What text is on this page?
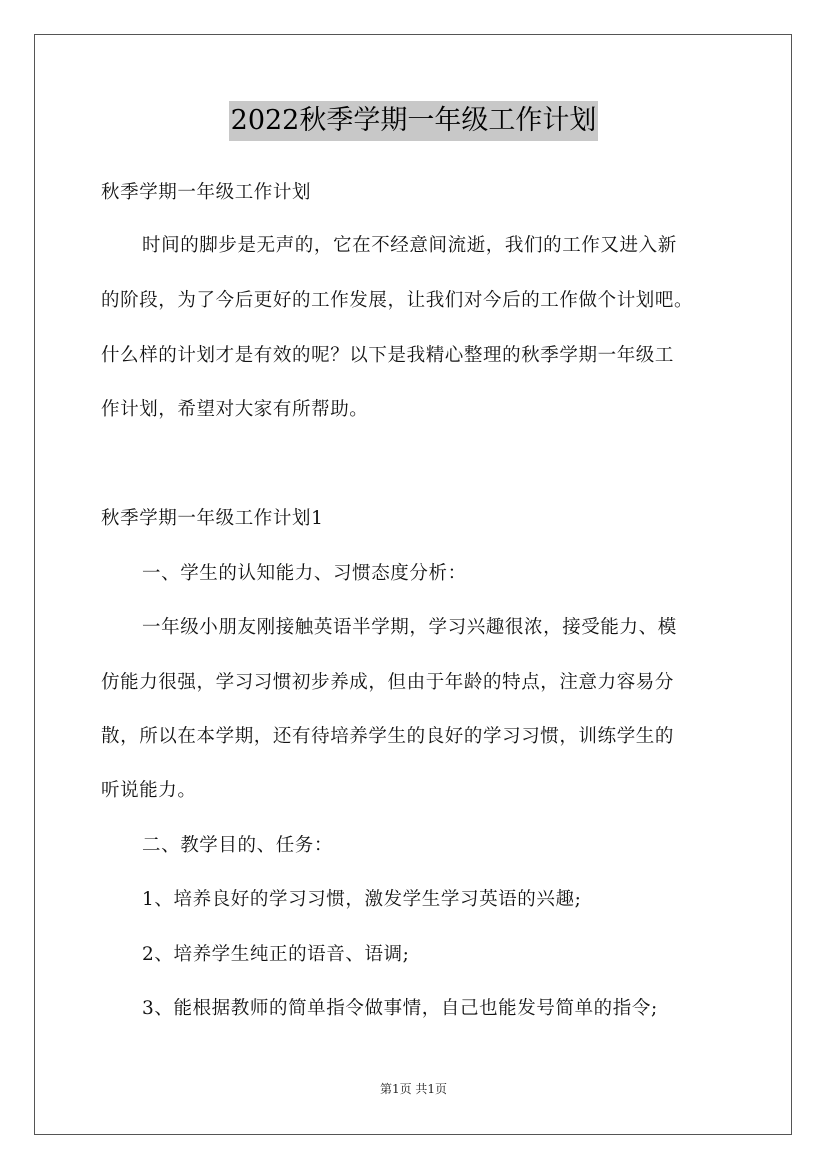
2022秋季学期一年级工作计划
秋季学期一年级工作计划
时间的脚步是无声的，它在不经意间流逝，我们的工作又进入新
的阶段，为了今后更好的工作发展，让我们对今后的工作做个计划吧。
什么样的计划才是有效的呢？以下是我精心整理的秋季学期一年级工
作计划，希望对大家有所帮助。
秋季学期一年级工作计划1
一、学生的认知能力、习惯态度分析：
一年级小朋友刚接触英语半学期，学习兴趣很浓，接受能力、模
仿能力很强，学习习惯初步养成，但由于年龄的特点，注意力容易分
散，所以在本学期，还有待培养学生的良好的学习习惯，训练学生的
听说能力。
二、教学目的、任务：
1、培养良好的学习习惯，激发学生学习英语的兴趣;
2、培养学生纯正的语音、语调;
3、能根据教师的简单指令做事情，自己也能发号简单的指令;
第1页 共1页
